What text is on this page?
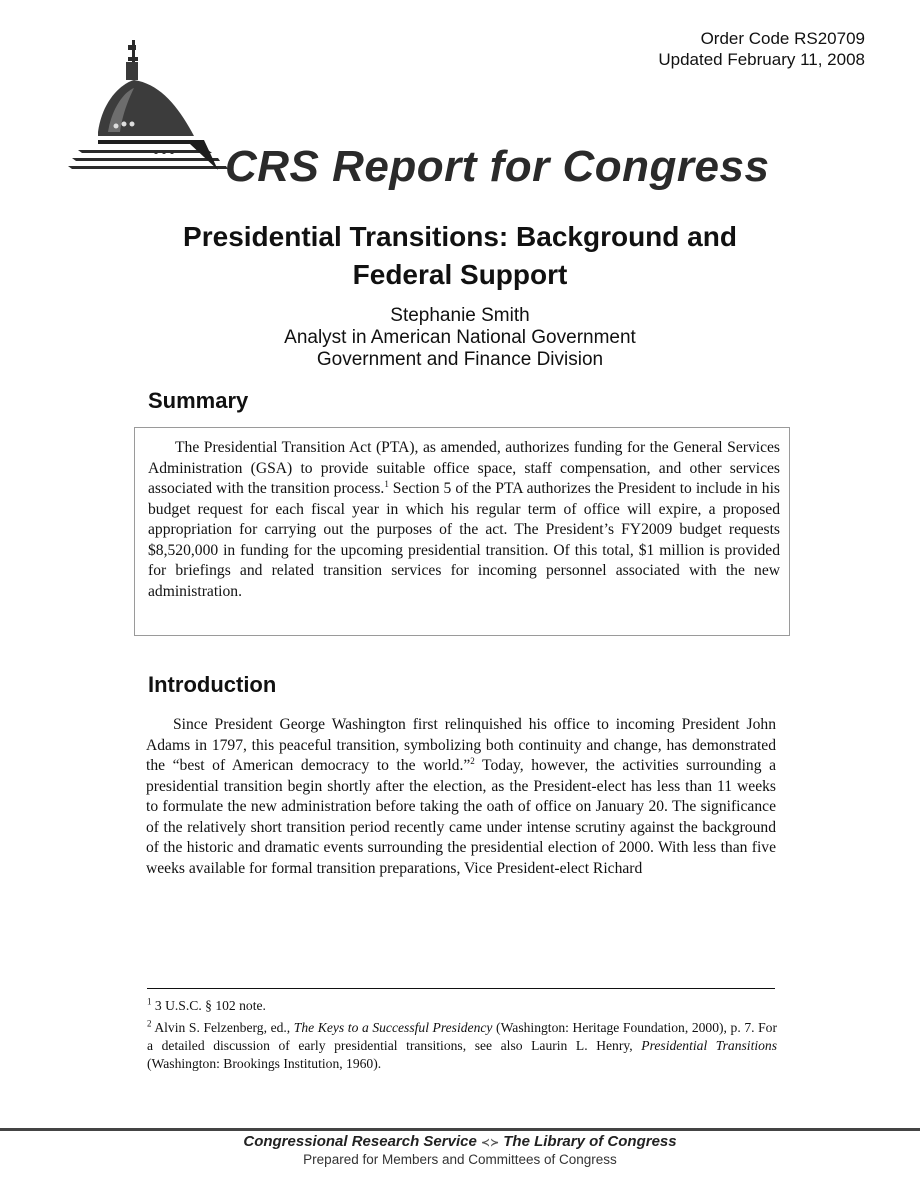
Order Code RS20709
Updated February 11, 2008
CRS Report for Congress
Presidential Transitions: Background and
Federal Support
Stephanie Smith
Analyst in American National Government
Government and Finance Division
Summary

The Presidential Transition Act (PTA), as amended, authorizes funding for the General Services Administration (GSA) to provide suitable office space, staff compensation, and other services associated with the transition process.$^1$ Section 5 of the PTA authorizes the President to include in his budget request for each fiscal year in which his regular term of office will expire, a proposed appropriation for carrying out the purposes of the act. The President’s FY2009 budget requests $8,520,000 in funding for the upcoming presidential transition. Of this total, $1 million is provided for briefings and related transition services for incoming personnel associated with the new administration.

Introduction

Since President George Washington first relinquished his office to incoming President John Adams in 1797, this peaceful transition, symbolizing both continuity and change, has demonstrated the “best of American democracy to the world.”$^2$ Today, however, the activities surrounding a presidential transition begin shortly after the election, as the President-elect has less than 11 weeks to formulate the new administration before taking the oath of office on January 20. The significance of the relatively short transition period recently came under intense scrutiny against the background of the historic and dramatic events surrounding the presidential election of 2000. With less than five weeks available for formal transition preparations, Vice President-elect Richard

$^1$ 3 U.S.C. § 102 note.

$^2$ Alvin S. Felzenberg, ed., The Keys to a Successful Presidency (Washington: Heritage Foundation, 2000), p. 7. For a detailed discussion of early presidential transitions, see also Laurin L. Henry, Presidential Transitions (Washington: Brookings Institution, 1960).

Congressional Research Service ≺≻ The Library of Congress
Prepared for Members and Committees of Congress
